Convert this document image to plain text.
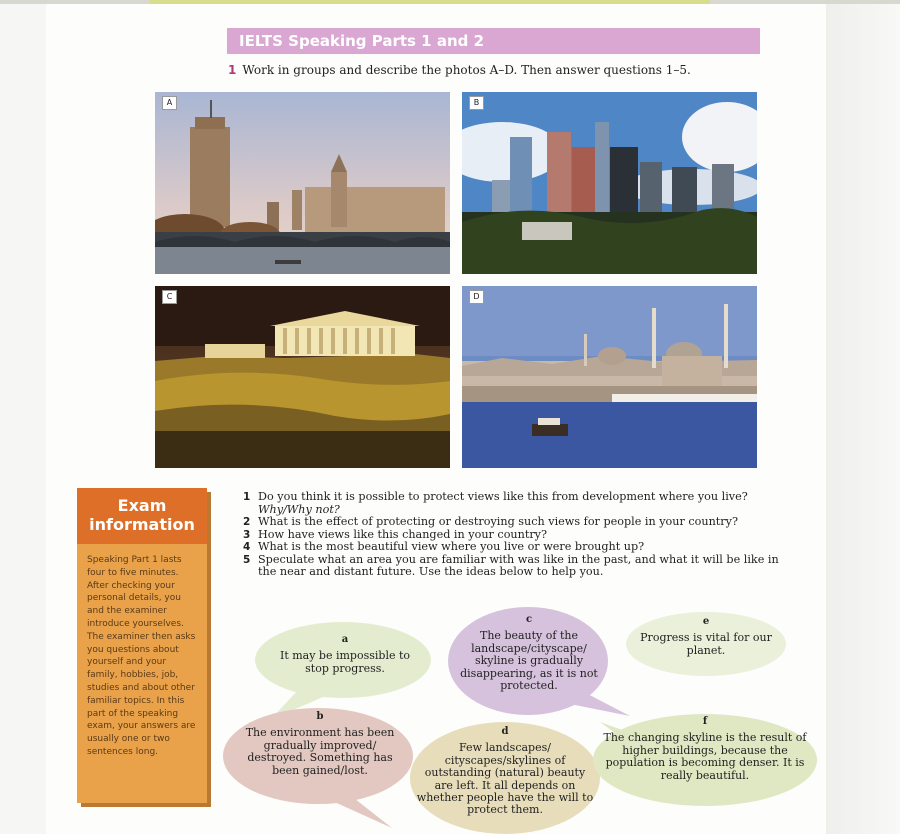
IELTS Speaking Parts 1 and 2
1 Work in groups and describe the photos A–D. Then answer questions 1–5.
A	B
C	D
Exam
information
Speaking Part 1 lasts four to five minutes. After checking your personal details, you and the examiner introduce yourselves. The examiner then asks you questions about yourself and your family, hobbies, job, studies and about other familiar topics. In this part of the speaking exam, your answers are usually one or two sentences long.
1 Do you think it is possible to protect views like this from development where you live?
Why/Why not?
2 What is the effect of protecting or destroying such views for people in your country?
3 How have views like this changed in your country?
4 What is the most beautiful view where you live or were brought up?
5 Speculate what an area you are familiar with was like in the past, and what it will be like in the near and distant future. Use the ideas below to help you.
a
It may be impossible to stop progress.
c
The beauty of the landscape/cityscape/ skyline is gradually disappearing, as it is not protected.
e
Progress is vital for our planet.
b
The environment has been gradually improved/ destroyed. Something has been gained/lost.
d
Few landscapes/ cityscapes/skylines of outstanding (natural) beauty are left. It all depends on whether people have the will to protect them.
f
The changing skyline is the result of higher buildings, because the population is becoming denser. It is really beautiful.
